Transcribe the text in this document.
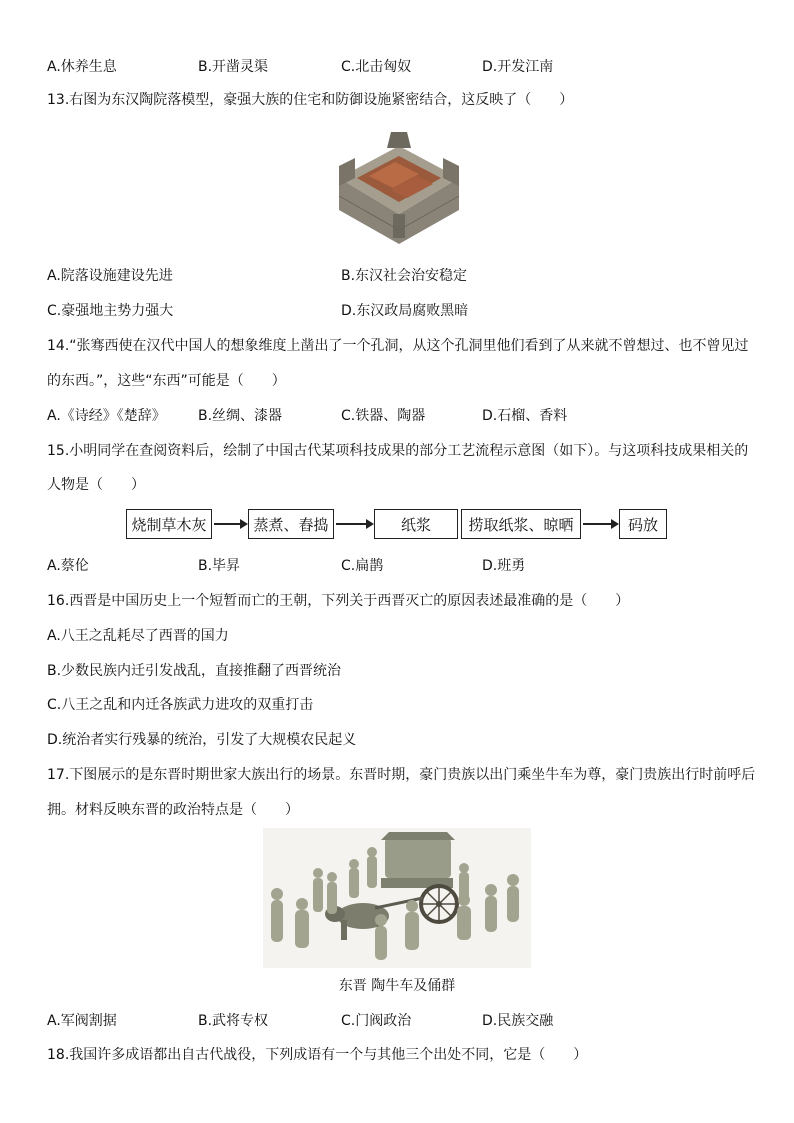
A.休养生息	B.开凿灵渠	C.北击匈奴	D.开发江南
13.右图为东汉陶院落模型，豪强大族的住宅和防御设施紧密结合，这反映了（　　）
A.院落设施建设先进	B.东汉社会治安稳定
C.豪强地主势力强大	D.东汉政局腐败黑暗
14.“张骞西使在汉代中国人的想象维度上凿出了一个孔洞，从这个孔洞里他们看到了从来就不曾想过、也不曾见过
的东西。”，这些“东西”可能是（　　）
A.《诗经》《楚辞》 B.丝绸、漆器	C.铁器、陶器	D.石榴、香料
15.小明同学在查阅资料后，绘制了中国古代某项科技成果的部分工艺流程示意图（如下）。与这项科技成果相关的
人物是（　　）
烧制草木灰	蒸煮、舂捣	纸浆	捞取纸浆、晾晒	码放
A.蔡伦	B.毕昇	C.扁鹊	D.班勇
16.西晋是中国历史上一个短暂而亡的王朝，下列关于西晋灭亡的原因表述最准确的是（　　）
A.八王之乱耗尽了西晋的国力
B.少数民族内迁引发战乱，直接推翻了西晋统治
C.八王之乱和内迁各族武力进攻的双重打击
D.统治者实行残暴的统治，引发了大规模农民起义
17.下图展示的是东晋时期世家大族出行的场景。东晋时期，豪门贵族以出门乘坐牛车为尊，豪门贵族出行时前呼后
拥。材料反映东晋的政治特点是（　　）
东晋 陶牛车及俑群
A.军阀割据	B.武将专权	C.门阀政治	D.民族交融
18.我国许多成语都出自古代战役，下列成语有一个与其他三个出处不同，它是（　　）
